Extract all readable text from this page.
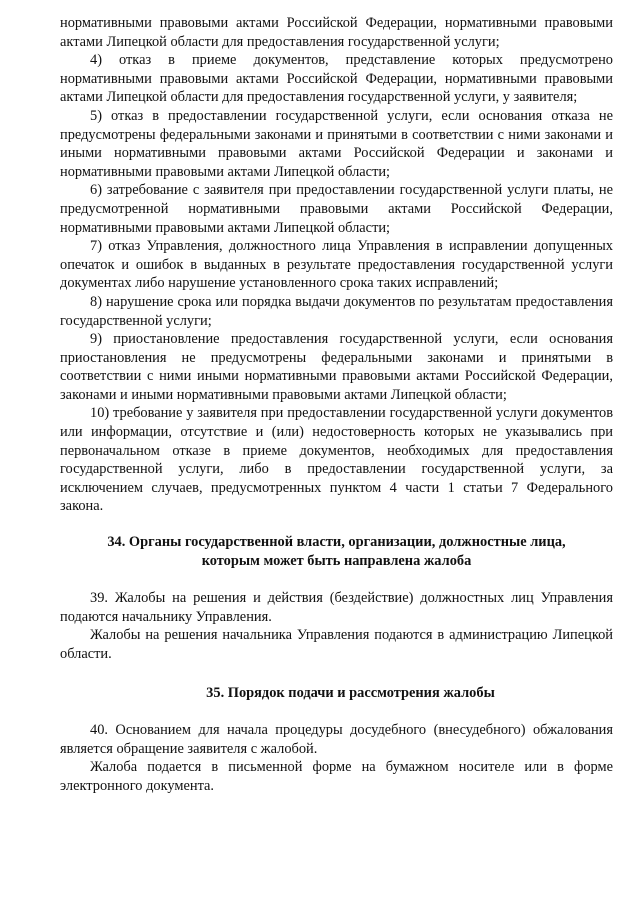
нормативными правовыми актами Российской Федерации, нормативными правовыми актами Липецкой области для предоставления государственной услуги;

4) отказ в приеме документов, представление которых предусмотрено нормативными правовыми актами Российской Федерации, нормативными правовыми актами Липецкой области для предоставления государственной услуги, у заявителя;

5) отказ в предоставлении государственной услуги, если основания отказа не предусмотрены федеральными законами и принятыми в соответствии с ними законами и иными нормативными правовыми актами Российской Федерации и законами и нормативными правовыми актами Липецкой области;

6) затребование с заявителя при предоставлении государственной услуги платы, не предусмотренной нормативными правовыми актами Российской Федерации, нормативными правовыми актами Липецкой области;

7) отказ Управления, должностного лица Управления в исправлении допущенных опечаток и ошибок в выданных в результате предоставления государственной услуги документах либо нарушение установленного срока таких исправлений;

8) нарушение срока или порядка выдачи документов по результатам предоставления государственной услуги;

9) приостановление предоставления государственной услуги, если основания приостановления не предусмотрены федеральными законами и принятыми в соответствии с ними иными нормативными правовыми актами Российской Федерации, законами и иными нормативными правовыми актами Липецкой области;

10) требование у заявителя при предоставлении государственной услуги документов или информации, отсутствие и (или) недостоверность которых не указывались при первоначальном отказе в приеме документов, необходимых для предоставления государственной услуги, либо в предоставлении государственной услуги, за исключением случаев, предусмотренных пунктом 4 части 1 статьи 7 Федерального закона.

34. Органы государственной власти, организации, должностные лица, которым может быть направлена жалоба

39. Жалобы на решения и действия (бездействие) должностных лиц Управления подаются начальнику Управления.

Жалобы на решения начальника Управления подаются в администрацию Липецкой области.

35. Порядок подачи и рассмотрения жалобы

40. Основанием для начала процедуры досудебного (внесудебного) обжалования является обращение заявителя с жалобой.

Жалоба подается в письменной форме на бумажном носителе или в форме электронного документа.
